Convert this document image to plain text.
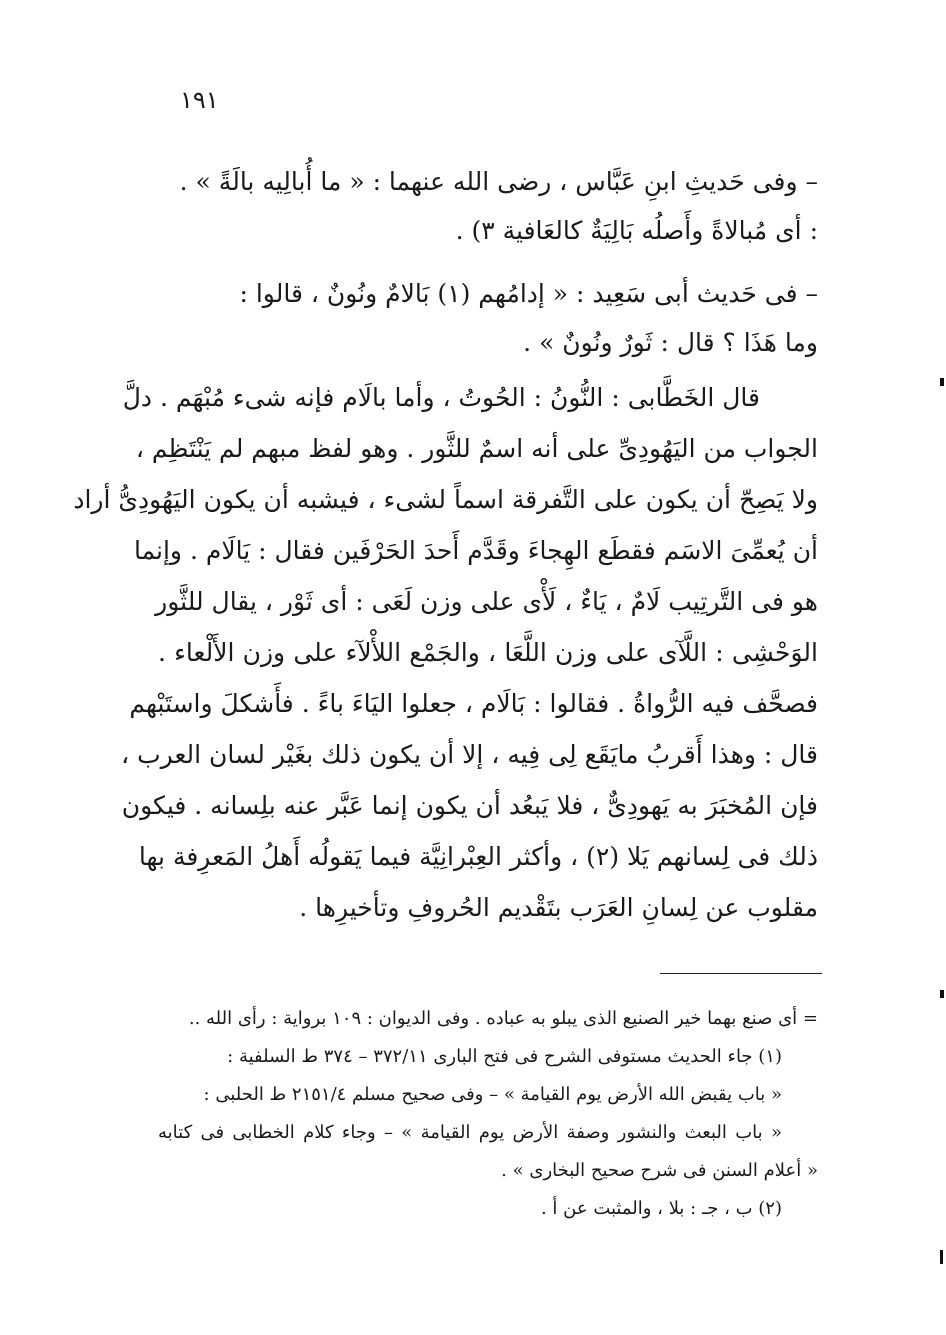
١٩١
– وفى حَديثِ ابنِ عَبَّاس ، رضى الله عنهما : « ما أُبالِيه بالَةً » .
: أى مُبالاةً وأَصلُه بَالِيَةٌ كالعَافية ٣) .
– فى حَديث أبى سَعِيد : « إدامُهم (١) بَالامٌ ونُونٌ ، قالوا :
وما هَذَا ؟ قال : ثَورٌ ونُونٌ » .
قال الخَطَّابى : النُّونُ : الحُوتُ ، وأما بالَام فإنه شىء مُبْهَم . دلَّ
الجواب من اليَهُودِىِّ على أنه اسمٌ للثَّور . وهو لفظ مبهم لم يَنْتَظِم ،
ولا يَصِحّ أن يكون على التَّفرقة اسماً لشىء ، فيشبه أن يكون اليَهُودِىُّ أراد
أن يُعمِّىَ الاسَم فقطَع الهِجاءَ وقَدَّم أَحدَ الحَرْفَين فقال : يَالَام . وإنما
هو فى التَّرتِيب لَامٌ ، يَاءٌ ، لَأْى على وزن لَعَى : أى ثَوْر ، يقال للثَّور
الوَحْشِى : اللَّآى على وزن اللَّعَا ، والجَمْع اللأْلآء على وزن الأَلْعاء .
فصحَّف فيه الرُّواةُ . فقالوا : بَالَام ، جعلوا اليَاءَ باءً . فأَشكلَ واستَبْهم
قال : وهذا أَقربُ مايَقَع لِى فِيه ، إلا أن يكون ذلك بغَيْر لسان العرب ،
فإن المُخبَرَ به يَهودِىٌّ ، فلا يَبعُد أن يكون إنما عَبَّر عنه بلِسانه . فيكون
ذلك فى لِسانهم يَلا (٢) ، وأكثر العِبْرانِيَّة فيما يَقولُه أَهلُ المَعرِفة بها
مقلوب عن لِسانِ العَرَب بتَقْديم الحُروفِ وتأخيرِها .
= أى صنع بهما خير الصنيع الذى يبلو به عباده . وفى الديوان : ١٠٩ برواية : رأى الله ..
(١) جاء الحديث مستوفى الشرح فى فتح البارى ٣٧٢/١١ – ٣٧٤ ط السلفية :
« باب يقبض الله الأرض يوم القيامة » – وفى صحيح مسلم ٢١٥١/٤ ط الحلبى :
« باب البعث والنشور وصفة الأرض يوم القيامة » – وجاء كلام الخطابى فى كتابه
« أعلام السنن فى شرح صحيح البخارى » .
(٢) ب ، جـ : بلا ، والمثبت عن أ .
